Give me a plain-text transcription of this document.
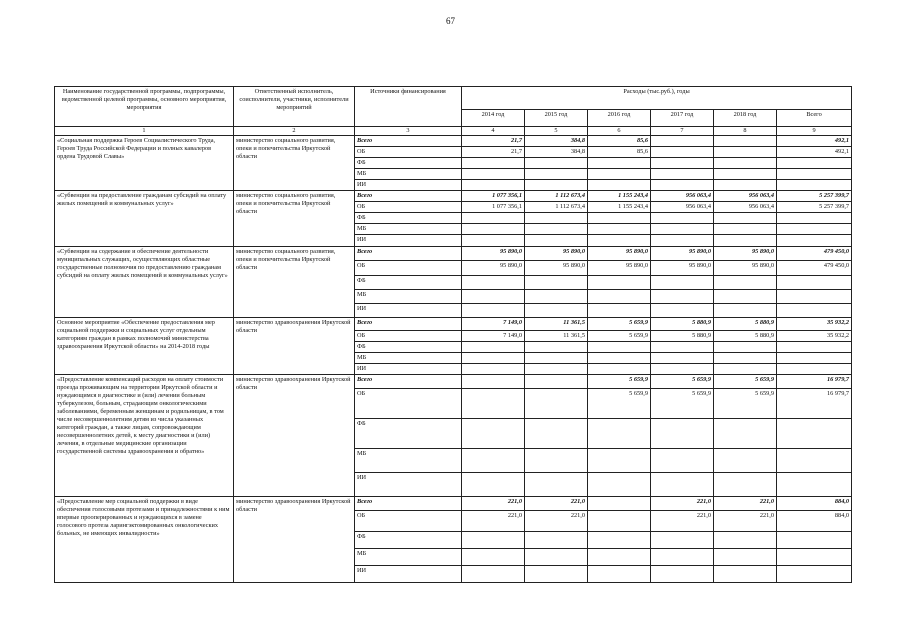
67
Наименование государственной программы, подпрограммы, ведомственной целевой программы, основного мероприятия, мероприятия	Ответственный исполнитель, соисполнители, участники, исполнители мероприятий	Источники финансирования	Расходы (тыс.руб.), годы					
			2014 год	2015 год	2016 год	2017 год	2018 год	Всего
1	2	3	4	5	6	7	8	9
«Социальная поддержка Героев Социалистического Труда, Героев Труда Российской Федерации и полных кавалеров ордена Трудовой Славы»	министерство социального развития, опеки и попечительства Иркутской области	Всего	21,7	384,8	85,6			492,1
		ОБ	21,7	384,8	85,6			492,1
		ФБ						
		МБ						
		ИИ						
«Субвенции на предоставление гражданам субсидий на оплату жилых помещений и коммунальных услуг»	министерство социального развития, опеки и попечительства Иркутской области	Всего	1 077 356,1	1 112 673,4	1 155 243,4	956 063,4	956 063,4	5 257 399,7
		ОБ	1 077 356,1	1 112 673,4	1 155 243,4	956 063,4	956 063,4	5 257 399,7
		ФБ						
		МБ						
		ИИ						
«Субвенции на содержание и обеспечение деятельности муниципальных служащих, осуществляющих областные государственные полномочия по предоставлению гражданам субсидий на оплату жилых помещений и коммунальных услуг»	министерство социального развития, опеки и попечительства Иркутской области	Всего	95 890,0	95 890,0	95 890,0	95 890,0	95 890,0	479 450,0
		ОБ	95 890,0	95 890,0	95 890,0	95 890,0	95 890,0	479 450,0
		ФБ						
		МБ						
		ИИ						
Основное мероприятие «Обеспечение предоставления мер социальной поддержки и социальных услуг отдельным категориям граждан в рамках полномочий министерства здравоохранения Иркутской области» на 2014-2018 годы	министерство здравоохранения Иркутской области	Всего	7 149,0	11 361,5	5 659,9	5 880,9	5 880,9	35 932,2
		ОБ	7 149,0	11 361,5	5 659,9	5 880,9	5 880,9	35 932,2
		ФБ						
		МБ						
		ИИ						
«Предоставление компенсаций расходов на оплату стоимости проезда проживающим на территории Иркутской области и нуждающимся в диагностике и (или) лечении больным туберкулезом, больным, страдающим онкологическими заболеваниями, беременным женщинам и родильницам, в том числе несовершеннолетним детям из числа указанных категорий граждан, а также лицам, сопровождающим несовершеннолетних детей, к месту диагностики и (или) лечения, в отдельные медицинские организации государственной системы здравоохранения и обратно»	министерство здравоохранения Иркутской области	Всего			5 659,9	5 659,9	5 659,9	16 979,7
		ОБ			5 659,9	5 659,9	5 659,9	16 979,7
		ФБ						
		МБ						
		ИИ						
«Предоставление мер социальной поддержки в виде обеспечения голосовыми протезами и принадлежностями к ним впервые прооперированных и нуждающихся в замене голосового протеза ларингэктомированных онкологических больных, не имеющих инвалидности»	министерство здравоохранения Иркутской области	Всего	221,0	221,0		221,0	221,0	884,0
		ОБ	221,0	221,0		221,0	221,0	884,0
		ФБ						
		МБ						
		ИИ						
